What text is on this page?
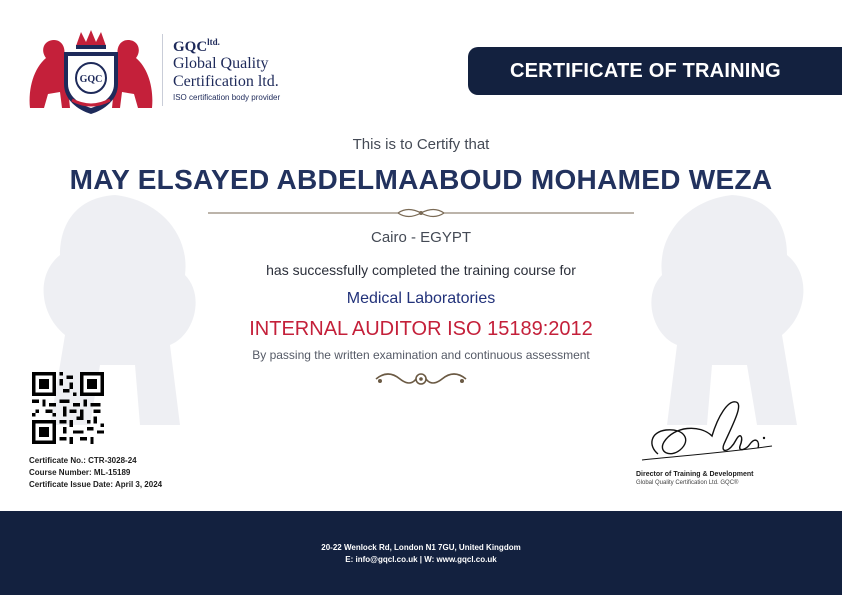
GQC
$GQC^{ltd.}$
Global Quality
Certification ltd.
ISO certification body provider
CERTIFICATE OF TRAINING
This is to Certify that
MAY ELSAYED ABDELMAABOUD MOHAMED WEZA
Cairo - EGYPT
has successfully completed the training course for
Medical Laboratories
INTERNAL AUDITOR ISO 15189:2012
By passing the written examination and continuous assessment
Certificate No.: CTR-3028-24
Course Number: ML-15189
Certificate Issue Date: April 3, 2024
Director of Training & Development
Global Quality Certification Ltd. GQC®
20-22 Wenlock Rd, London N1 7GU, United Kingdom
E: info@gqcl.co.uk | W: www.gqcl.co.uk
